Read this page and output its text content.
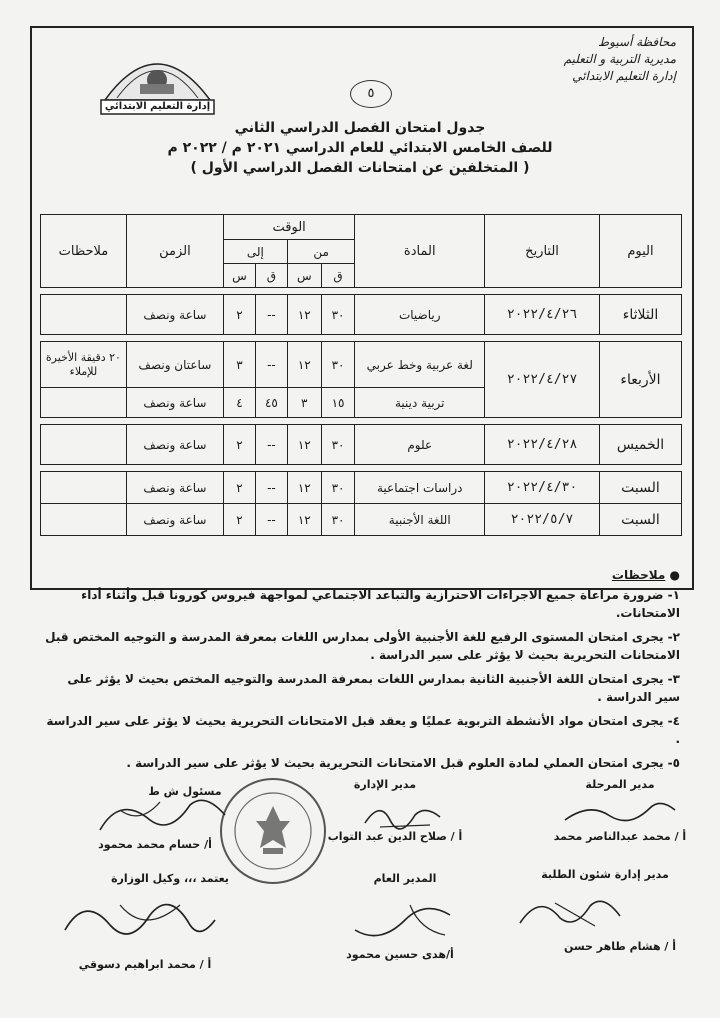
محافظة أسيوط
مديرية التربية و التعليم
إدارة التعليم الابتدائي
٥
إدارة التعليم الابتدائي
جدول امتحان الفصل الدراسي الثاني
للصف الخامس الابتدائي للعام الدراسي ٢٠٢١ م / ٢٠٢٢ م
( المتخلفين عن امتحانات الفصل الدراسي الأول )
اليوم	التاريخ	المادة	الوقت				الزمن	ملاحظات
			من		إلى			
			ق	س	ق	س		

الثلاثاء	٢٠٢٢/٤/٢٦	رياضيات	٣٠	١٢	--	٢	ساعة ونصف	

الأربعاء	٢٠٢٢/٤/٢٧	لغة عربية وخط عربي	٣٠	١٢	--	٣	ساعتان ونصف	٢٠ دقيقة الأخيرة للإملاء
		تربية دينية	١٥	٣	٤٥	٤	ساعة ونصف	

الخميس	٢٠٢٢/٤/٢٨	علوم	٣٠	١٢	--	٢	ساعة ونصف	

السبت	٢٠٢٢/٤/٣٠	دراسات اجتماعية	٣٠	١٢	--	٢	ساعة ونصف	
السبت	٢٠٢٢/٥/٧	اللغة الأجنبية	٣٠	١٢	--	٢	ساعة ونصف	

● ملاحظات

١- ضرورة مراعاة جميع الاجراءات الاحترازية والتباعد الاجتماعي لمواجهة فيروس كورونا قبل وأثناء أداء الامتحانات.

٢- يجرى امتحان المستوى الرفيع للغة الأجنبية الأولى بمدارس اللغات بمعرفة المدرسة و التوجيه المختص قبل الامتحانات التحريرية بحيث لا يؤثر على سير الدراسة .

٣- يجرى امتحان اللغة الأجنبية الثانية بمدارس اللغات بمعرفة المدرسة والتوجيه المختص بحيث لا يؤثر على سير الدراسة .

٤- يجرى امتحان مواد الأنشطة التربوية عمليًا و يعقد قبل الامتحانات التحريرية بحيث لا يؤثر على سير الدراسة .

٥- يجرى امتحان العملي لمادة العلوم قبل الامتحانات التحريرية بحيث لا يؤثر على سير الدراسة .

مدير المرحلة
أ / محمد عبدالناصر محمد
مدير الإدارة
أ / صلاح الدين عبد التواب
مسئول ش ط
أ/ حسام محمد محمود
مدير إدارة شئون الطلبة
أ / هشام طاهر حسن
المدير العام
أ/هدى حسين محمود
يعتمد ،،، وكيل الوزارة
أ / محمد ابراهيم دسوقي
